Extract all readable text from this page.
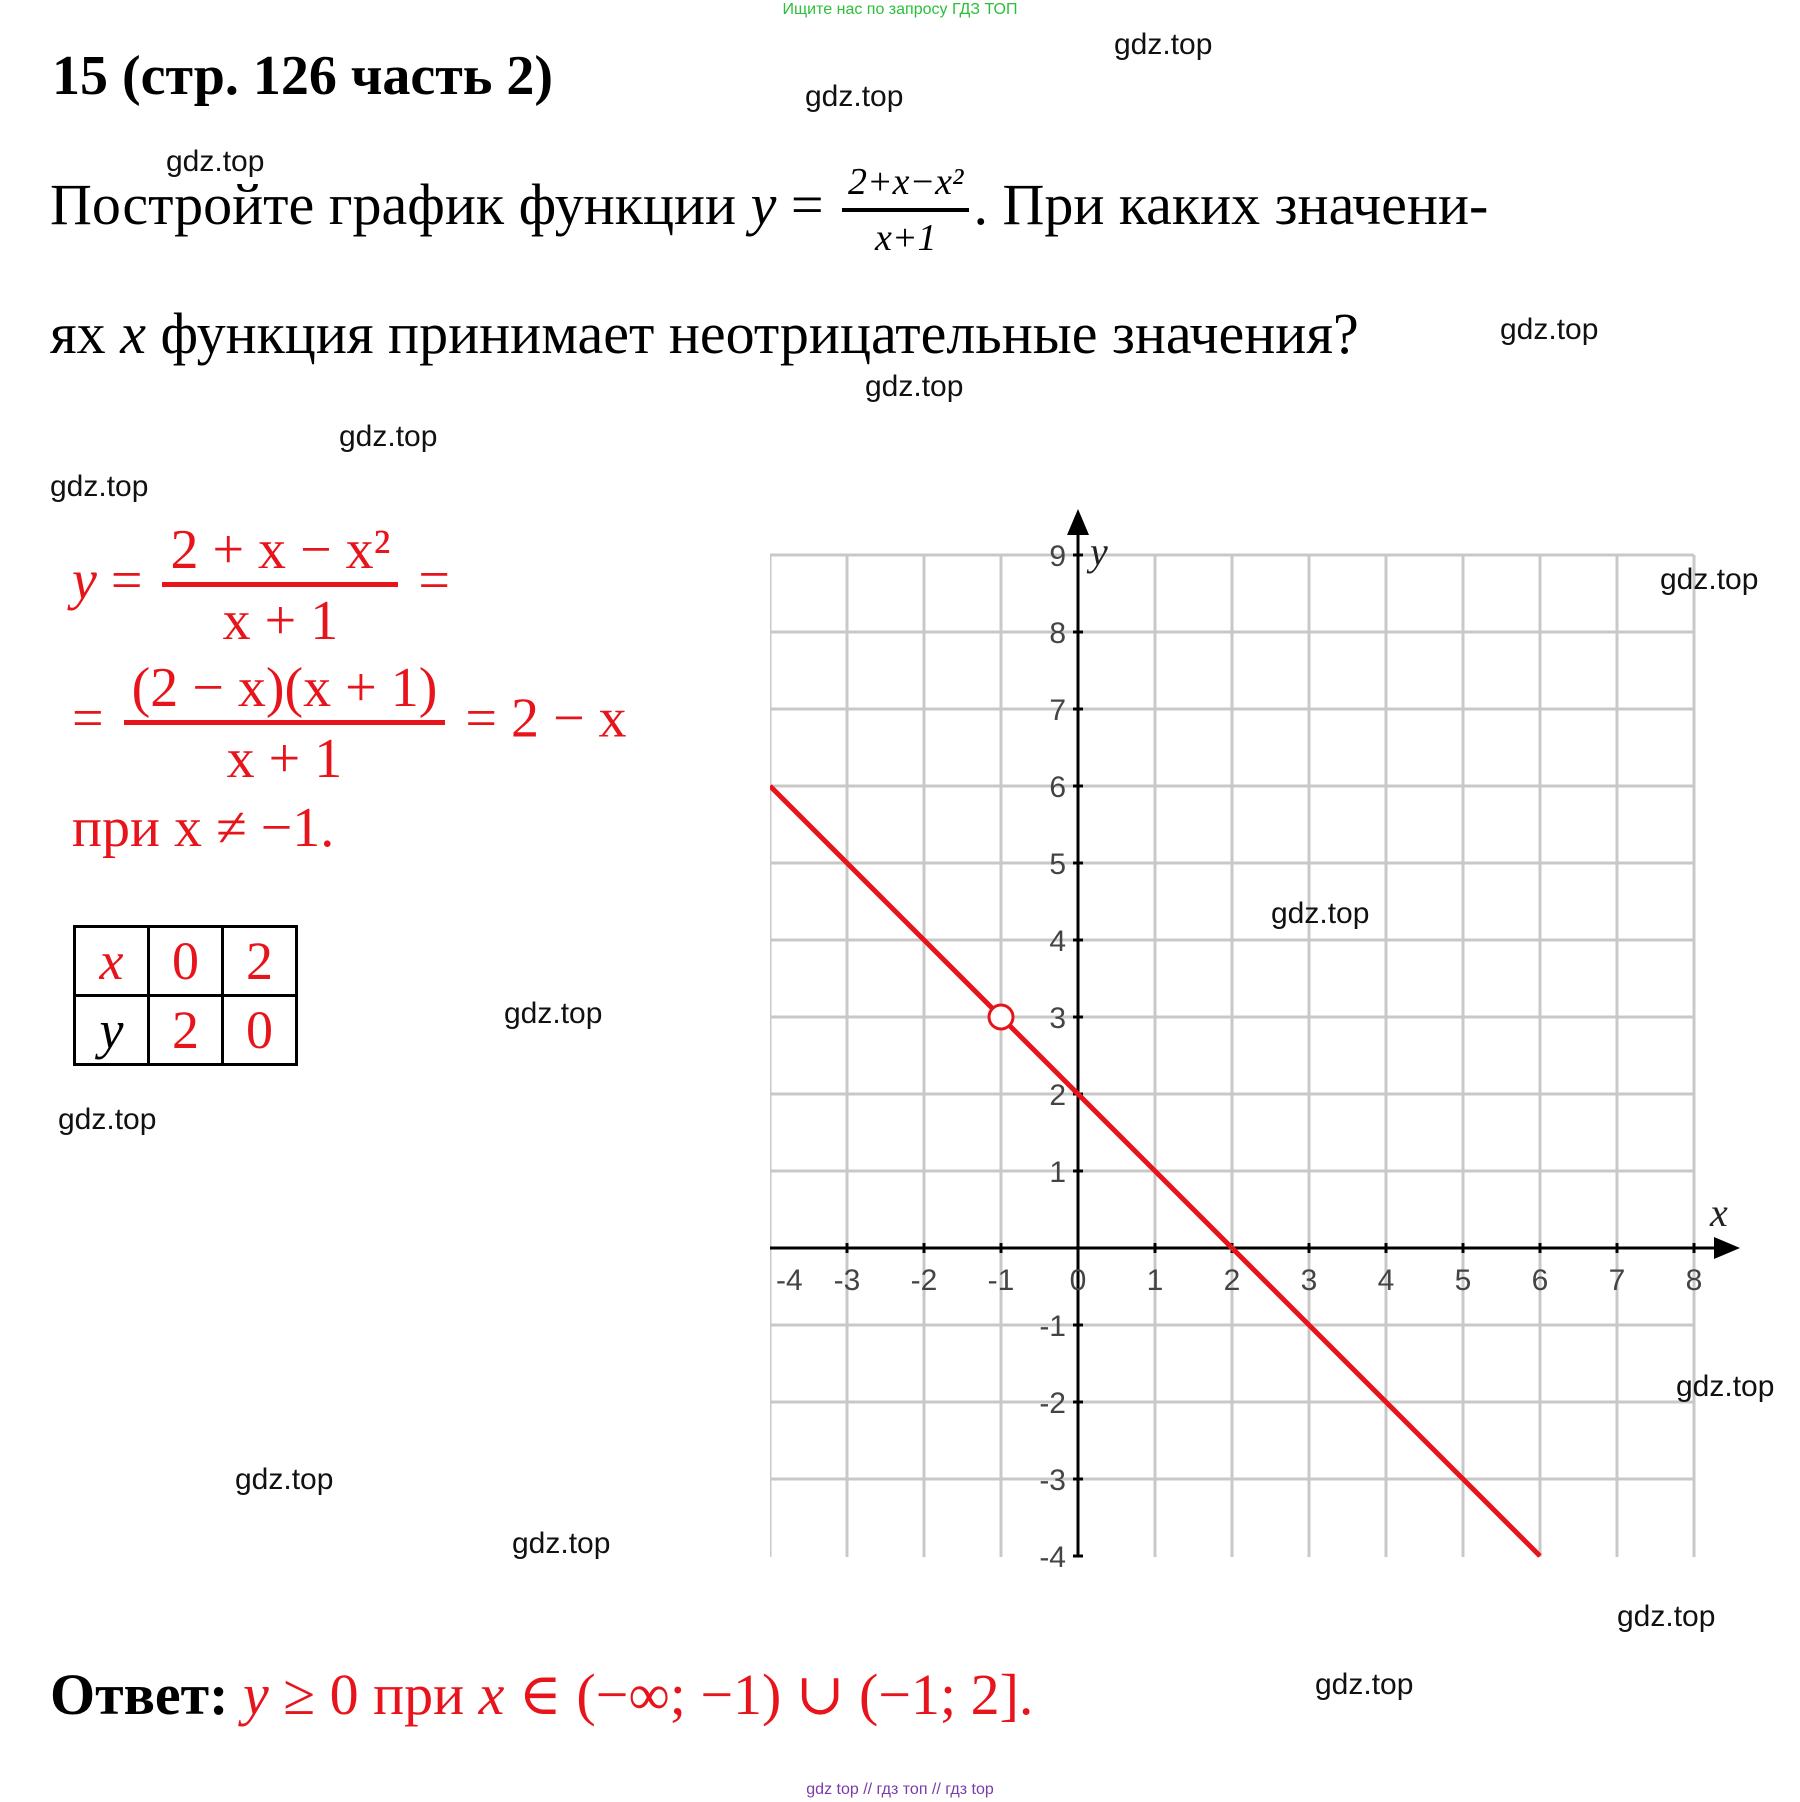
Ищите нас по запросу ГДЗ ТОП
15 (стр. 126 часть 2)
Постройте график функции $y = \frac{\text{2+x−x²}}{x+1}$ . При каких значени-
ях x функция принимает неотрицательные значения?
$y = \frac{\text{2 + x − x²}}{x + 1}$ =
= $\frac{(2 - x)(x + 1)}{x + 1} = 2 - x$
при x ≠ −1.
x	0	2
y	2	0
-4 -3 -2 -1 0 1 2 3 4 5 6 7 8
-4
-3
-2
-1
1
2
3
4
5
6
7
8
9
x
y
Ответ: y ≥ 0 при x ∈ (−∞; −1) ∪ (−1; 2].
gdz.top
gdz.top
gdz.top
gdz.top
gdz.top
gdz.top
gdz.top
gdz.top
gdz.top
gdz.top
gdz.top
gdz.top
gdz.top
gdz.top
gdz.top
gdz.top
gdz top // гдз топ // гдз top
